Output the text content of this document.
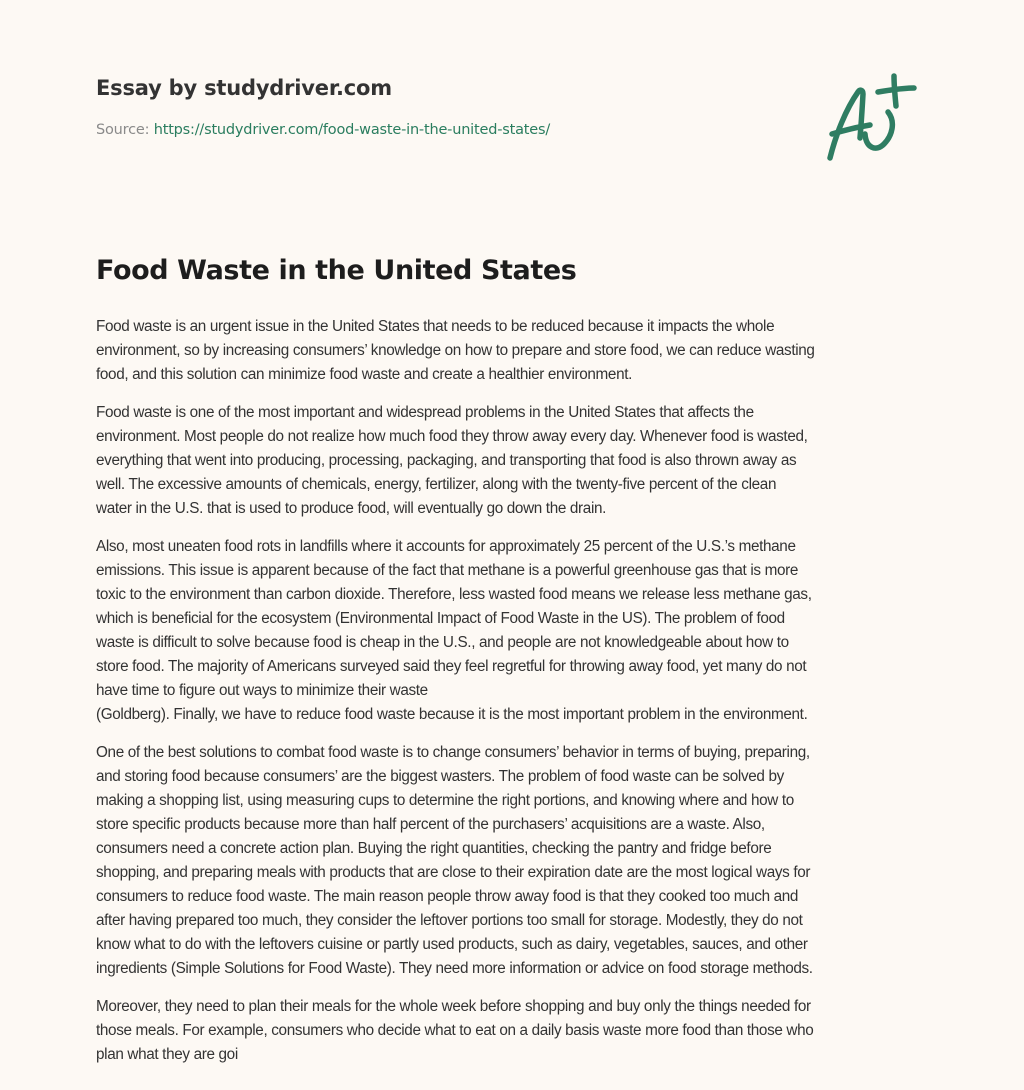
Essay by studydriver.com
Source: https://studydriver.com/food-waste-in-the-united-states/
Food Waste in the United States

Food waste is an urgent issue in the United States that needs to be reduced because it impacts the whole
environment, so by increasing consumers’ knowledge on how to prepare and store food, we can reduce wasting
food, and this solution can minimize food waste and create a healthier environment.

Food waste is one of the most important and widespread problems in the United States that affects the
environment. Most people do not realize how much food they throw away every day. Whenever food is wasted,
everything that went into producing, processing, packaging, and transporting that food is also thrown away as
well. The excessive amounts of chemicals, energy, fertilizer, along with the twenty-five percent of the clean
water in the U.S. that is used to produce food, will eventually go down the drain.

Also, most uneaten food rots in landfills where it accounts for approximately 25 percent of the U.S.’s methane
emissions. This issue is apparent because of the fact that methane is a powerful greenhouse gas that is more
toxic to the environment than carbon dioxide. Therefore, less wasted food means we release less methane gas,
which is beneficial for the ecosystem (Environmental Impact of Food Waste in the US). The problem of food
waste is difficult to solve because food is cheap in the U.S., and people are not knowledgeable about how to
store food. The majority of Americans surveyed said they feel regretful for throwing away food, yet many do not
have time to figure out ways to minimize their waste
(Goldberg). Finally, we have to reduce food waste because it is the most important problem in the environment.

One of the best solutions to combat food waste is to change consumers’ behavior in terms of buying, preparing,
and storing food because consumers’ are the biggest wasters. The problem of food waste can be solved by
making a shopping list, using measuring cups to determine the right portions, and knowing where and how to
store specific products because more than half percent of the purchasers’ acquisitions are a waste. Also,
consumers need a concrete action plan. Buying the right quantities, checking the pantry and fridge before
shopping, and preparing meals with products that are close to their expiration date are the most logical ways for
consumers to reduce food waste. The main reason people throw away food is that they cooked too much and
after having prepared too much, they consider the leftover portions too small for storage. Modestly, they do not
know what to do with the leftovers cuisine or partly used products, such as dairy, vegetables, sauces, and other
ingredients (Simple Solutions for Food Waste). They need more information or advice on food storage methods.

Moreover, they need to plan their meals for the whole week before shopping and buy only the things needed for
those meals. For example, consumers who decide what to eat on a daily basis waste more food than those who
plan what they are goi
